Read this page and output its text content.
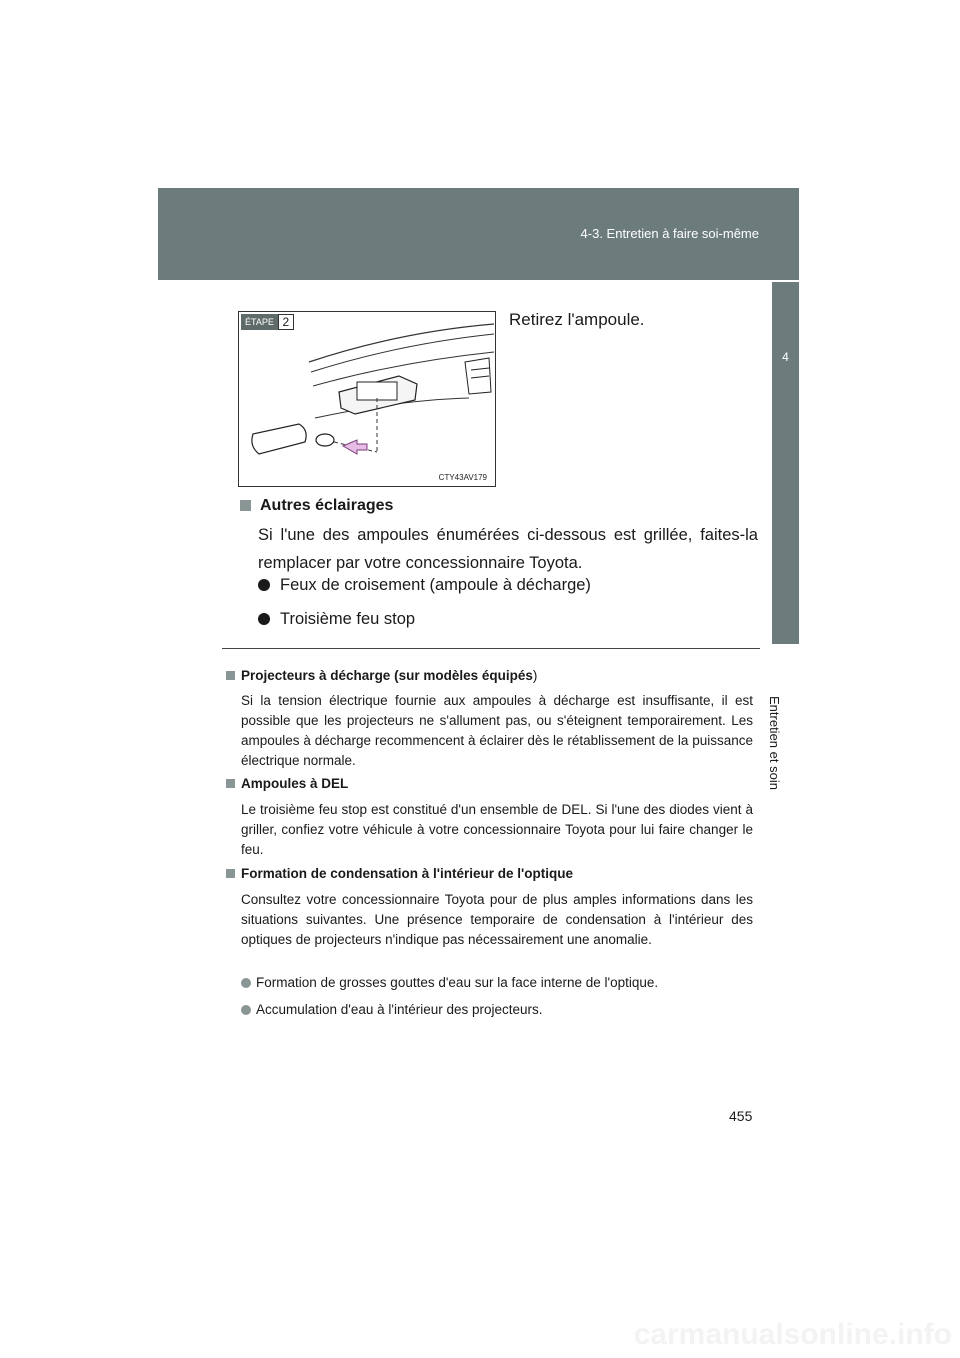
4-3. Entretien à faire soi-même
4
Entretien et soin
ÉTAPE 2
CTY43AV179
Retirez l'ampoule.
Autres éclairages
Si l'une des ampoules énumérées ci-dessous est grillée, faites-la remplacer par votre concessionnaire Toyota.
Feux de croisement (ampoule à décharge)
Troisième feu stop
Projecteurs à décharge (sur modèles équipés)
Si la tension électrique fournie aux ampoules à décharge est insuffisante, il est possible que les projecteurs ne s'allument pas, ou s'éteignent temporairement. Les ampoules à décharge recommencent à éclairer dès le rétablissement de la puissance électrique normale.
Ampoules à DEL
Le troisième feu stop est constitué d'un ensemble de DEL. Si l'une des diodes vient à griller, confiez votre véhicule à votre concessionnaire Toyota pour lui faire changer le feu.
Formation de condensation à l'intérieur de l'optique
Consultez votre concessionnaire Toyota pour de plus amples informations dans les situations suivantes. Une présence temporaire de condensation à l'intérieur des optiques de projecteurs n'indique pas nécessairement une anomalie.
Formation de grosses gouttes d'eau sur la face interne de l'optique.
Accumulation d'eau à l'intérieur des projecteurs.
455
carmanualsonline.info
